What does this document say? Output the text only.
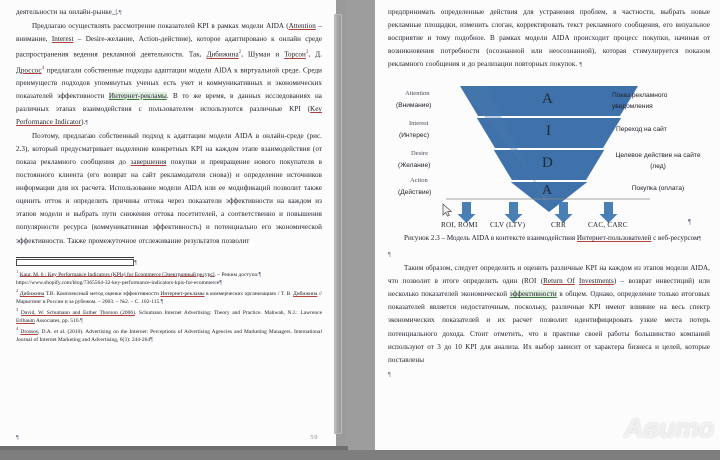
деятельности на онлайн-рынке_|.¶

Предлагаю осуществлять рассмотрение показателей KPI в рамках модели AIDA (Attention – внимание, Interest – Desire-желание, Action-действие), которое адаптировано к онлайн среде распространения ведения рекламной деятельности. Так, Дибижина$^2$, Шумаи и Торсон$^3$, Д. Дроссос$^4$ предлагали собственные подходы адаптации модели AIDA к виртуальной среде. Среди преимуществ подходов упомянутых ученых есть учет и коммуникативных и экономических показателей эффективности Интернет-рекламы. В то же время, в данных исследованиях на различных этапах взаимодействия с пользователем используются различные KPI (Key Performance Indicator).¶

Поэтому, предлагаю собственный подход к адаптации модели AIDA в онлайн-среде (рис. 2.3), который предусматривает выделение конкретных KPI на каждом этапе взаимодействия (от показа рекламного сообщения до завершения покупки и превращение нового покупателя в постоянного клиента (его возврат на сайт рекламодателя снова)) и определение источников информации для их расчета. Использование модели AIDA или ее модификаций позволит также оценить отток и определить причины оттока через показатели эффективности на каждом из этапов модели и выбрать пути снижения оттока посетителей, а соответственно и повышения популярности ресурса (коммуникативная эффективность) и потенциально его экономической эффективности. Также промежуточное отслеживание результатов позволит

¶

$^1$ Kaur. M. 6 : Key Performance Indicators (KPIs) for Ecommerce [Электронный ресурс]. – Режим доступа:¶

https://www.shopify.com/blog/7365564-32-key-performance-indicators-kpis-for-ecommerce¶

$^2$ Дибижина Т.В. Комплексный метод оценки эффективности Интернет-рекламы в коммерческих организациях / Т. В. Дибижина // Маркетинг в России и за рубежом. – 2003. – №2. – С. 102-115.¶

$^3$ David, W. Schumann and Esther Thorson (2006). Schumann Internet Advertising: Theory and Practice. Mahwah, N.J.: Lawrence Erlbaum Associates, pp. 516.¶

$^4$ Drossos, D.A. et al. (2010). Advertising on the Internet: Perceptions of Advertising Agencies and Marketing Managers. International Journal of Internet Marketing and Advertising, 6(3): 244-264¶

¶	59

предпринимать определенные действия для устранения проблем, в частности, выбрать новые рекламные площадки, изменить слоган, корректировать текст рекламного сообщения, его визуальное восприятие и тому подобное. В рамках модели AIDA происходит процесс покупки, начиная от возникновения потребности (осознанной или неосознанной), которая стимулируется показом рекламного сообщения и до реализации повторных покупок. ¶

A
I
D
A
Attention
(Внимание)
Interest
(Интерес)
Desire
(Желание)
Action
(Действие)
Показ рекламного уведомления
Переход на сайт
Целевое действие на сайте (лед)
Покупка (оплата)
ROI, ROMI CLV (LTV)	CRR	CAC, CARC	¶

Рисунок 2.3 – Модель AIDA в контексте взаимодействия Интернет-пользователей с веб-ресурсом¶

¶

Таким образом, следует определить и оценить различные KPI на каждом из этапов модели AIDA, что позволит в итоге определить один (ROI (Return Of Investments) – возврат инвестиций) или несколько показателей экономической эффективности в общем. Однако, определение только итоговых показателей является недостаточным, поскольку, различные KPI имеют влияние на весь спектр экономических показателей и их расчет позволит идентифицировать узкие места потерь потенциального дохода. Стоит отметить, что в практике своей работы большинство компаний используют от 3 до 10 KPI для анализа. Их выбор зависит от характера бизнеса и целей, которые поставлены

¶

Авито
